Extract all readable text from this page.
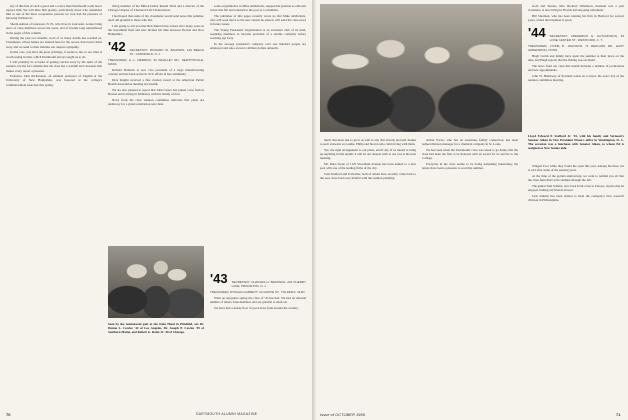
sity of this line of such a good and a scarce man Dartmouth could never replace him. We will miss him greatly, particularly those who remember him as one of the most cooperative persons we ever had the pleasure of knowing in Hanover.

Sherm Ashton of Lancaster, N. H., who lives in Lancaster. Letters bring news of class members across the years, and of friends long remembered in the pages of this column.

During the past two months, word of so many deaths has reached us. Classmates, whose names are entered here for the record, have been called away and we send to their families our deepest sympathy.

In that case, you have the great privilege, it seems to me, to see what is worth seeing in men, which Dartmouth always taught us to do.

I will probably be accused of getting carried away by the spirit of the reunion, but the fact remains that the class has a warmth and closeness that makes every report a pleasure.

Professor John Richardson, an eminent professor of English at the University of New Hampshire, was honored at the college's commencement exercises this spring.

living member of the Milton Dollar Round Table and a director of the Chicago Chapter of Chartered Life Underwriters.

I had hoped that some of my classmates would send notes this summer, and I am grateful to those who did.

I am going to tell you that Bob Duncan has retired after many years in the investment field and now divides his time between Florida and New Hampshire.

'42 SECRETARY, RICHARD W. BALDWIN, 129 BEECH ST., CORNFIELD, N. J.

TREASURER, H. L. MERRICK, 32 WHALLEY RD., NEWTONVILLE, MASS.

Richard Baldwin is now vice president of a large manufacturing concern and has been active in civic affairs in his community.

Dick Knight received a fine citation award at the American Public Health Association meeting last month.

We are also pleased to report that John Cleary has joined a law firm in Boston and is living in Wellesley with his family of four.

News from the class reunion committee indicates that plans are underway for a grand celebration next June.

some acquaintance as Mike deMorlette, stepped his position as editorial writer this fall and returned to his post as a columnist.

The publisher of this paper recently wrote us that Mike deMorlette, who will soon move to the new station he started, will send the class news in future issues.

The Young Presidents' Organization is an exclusive club of its kind, requiring members to become president of a sizable company before reaching age forty.

In the average president's company over one hundred people are employed and sales exceed a million dollars annually.

'43 SECRETARY, CHARLES H. BRANNAN, 246 CHERRY LANE, PRINCETON, N. J.

TREASURER, DONALD GARRETT, 32 GROVE ST., TOLDEDO, OHIO

What an enjoyable spring the class of '43 has had. We had an unusual number of letters from members and are grateful to them all.

We have had a steady flow of good news from around the country.

Seen by the reminiscent pair at the Oaks Hotel in Pittsfield, are Dr. Dunne L. Cowles '42 of Los Angeles, Dr. Joseph P. Cowles '39 of Southern Maine, and Robert G. Rohn Jr. '40 of Chicago.
70	DARTMOUTH ALUMNI MAGAZINE
Lloyd Edward P. Stafford Jr. '43, with his family and Vermont's Senator Aiken in Vice President Nixon's office in Washington, D. C. The occasion was a luncheon with Senator Aiken, to whom Ed is assigned as New Senate aide.

much that must rise to grow as well as any that already prevails, thanks to such stalwarts as Laddie, Philip and Steven who claim living with them.

Yes, the rigid arrangement to our plans, and if any of us intend to bring up anything in this month, it will be our dearest wish to see you at the next meeting.

Mr. Dana Stone of 1125 Woodland Avenue has been named to a new post with one of the leading firms of the city.

Tom Stanford and Ed Keller, both of whom have recently come back to the area, have been very helpful with the reunion planning.

Arthur Porter, who has an enormous family connection, has been named division manager for a chemical company in St. Louis.

We had seen when the 'Dartmouth' crew was about to go home, that the class had been the first to be honored with an award for its service to the College.

Everyone in the class seems to be doing something interesting; the letters have been a pleasure to read this summer.

Gold and Tassels, Mrs. Richard Wilkinson, husband was a past classmate, is now living in Florida and enjoying retirement.

Bill Sherman, who has been running his firm in Hartford for several years, writes that business is good.

'44 SECRETARY, FREDERICK E. HUTCHINSON, 36 LONE CENTER ST., WESTFORD, C. T.

TREASURER, LYNNE R. JOHNSON, 71 REDLAND RD., EAST GREENWICH, CONN.

Hugh Curtin and family have spent the summer at their place on the lake, and Hugh reports that the fishing was excellent.

The news from our class this month includes a number of promotions and new appointments.

John W. Hathaway of Portland wants us to know the exact day of the reunion committee meeting.

Winged Foot while they found the open this year. Among his three wit is told after some of the passing years.

At the time of the golden anniversary, we want to remind you all that the class fund drive will continue through the fall.

The genial Tom Schultz, now back from a trip to Europe, reports that he enjoyed visiting old friends abroad.

Jack Jenkins has been named to head the company's new research division in Philadelphia.

Issue of OCTOBER 1959	71
